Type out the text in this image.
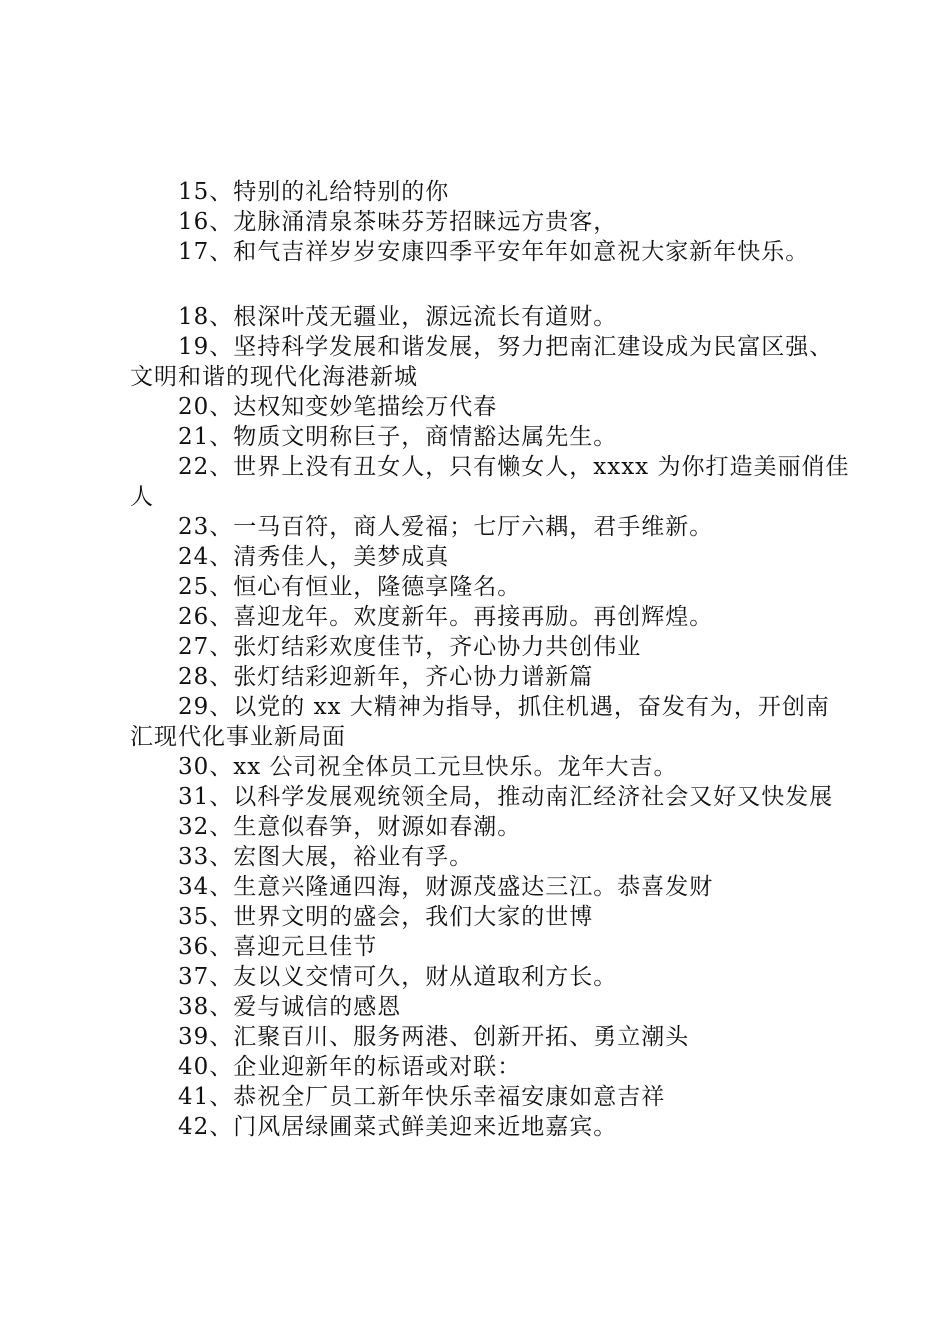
15、特别的礼给特别的你
16、龙脉涌清泉茶味芬芳招睐远方贵客，
17、和气吉祥岁岁安康四季平安年年如意祝大家新年快乐。
18、根深叶茂无疆业，源远流长有道财。
19、坚持科学发展和谐发展，努力把南汇建设成为民富区强、文明和谐的现代化海港新城
20、达权知变妙笔描绘万代春
21、物质文明称巨子，商情豁达属先生。
22、世界上没有丑女人，只有懒女人，xxxx 为你打造美丽俏佳人
23、一马百符，商人爱福；七厅六耦，君手维新。
24、清秀佳人，美梦成真
25、恒心有恒业，隆德享隆名。
26、喜迎龙年。欢度新年。再接再励。再创辉煌。
27、张灯结彩欢度佳节，齐心协力共创伟业
28、张灯结彩迎新年，齐心协力谱新篇
29、以党的 xx 大精神为指导，抓住机遇，奋发有为，开创南汇现代化事业新局面
30、xx 公司祝全体员工元旦快乐。龙年大吉。
31、以科学发展观统领全局，推动南汇经济社会又好又快发展
32、生意似春笋，财源如春潮。
33、宏图大展，裕业有孚。
34、生意兴隆通四海，财源茂盛达三江。恭喜发财
35、世界文明的盛会，我们大家的世博
36、喜迎元旦佳节
37、友以义交情可久，财从道取利方长。
38、爱与诚信的感恩
39、汇聚百川、服务两港、创新开拓、勇立潮头
40、企业迎新年的标语或对联：
41、恭祝全厂员工新年快乐幸福安康如意吉祥
42、门风居绿圃菜式鲜美迎来近地嘉宾。
